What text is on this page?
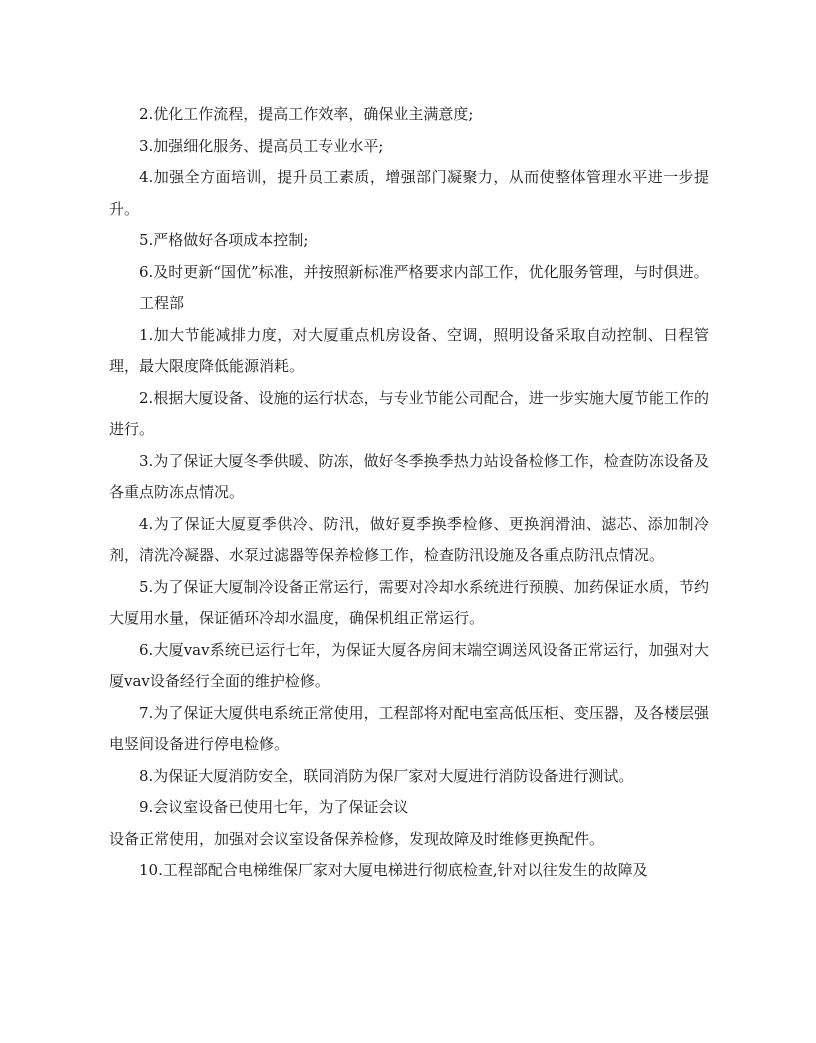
2.优化工作流程，提高工作效率，确保业主满意度;

3.加强细化服务、提高员工专业水平;

4.加强全方面培训，提升员工素质，增强部门凝聚力，从而使整体管理水平进一步提升。

5.严格做好各项成本控制;

6.及时更新“国优”标准，并按照新标准严格要求内部工作，优化服务管理，与时俱进。

工程部

1.加大节能减排力度，对大厦重点机房设备、空调，照明设备采取自动控制、日程管理，最大限度降低能源消耗。

2.根据大厦设备、设施的运行状态，与专业节能公司配合，进一步实施大厦节能工作的进行。

3.为了保证大厦冬季供暖、防冻，做好冬季换季热力站设备检修工作，检查防冻设备及各重点防冻点情况。

4.为了保证大厦夏季供冷、防汛，做好夏季换季检修、更换润滑油、滤芯、添加制冷剂，清洗冷凝器、水泵过滤器等保养检修工作，检查防汛设施及各重点防汛点情况。

5.为了保证大厦制冷设备正常运行，需要对冷却水系统进行预膜、加药保证水质，节约大厦用水量，保证循环冷却水温度，确保机组正常运行。

6.大厦vav系统已运行七年，为保证大厦各房间末端空调送风设备正常运行，加强对大厦vav设备经行全面的维护检修。

7.为了保证大厦供电系统正常使用，工程部将对配电室高低压柜、变压器，及各楼层强电竖间设备进行停电检修。

8.为保证大厦消防安全，联同消防为保厂家对大厦进行消防设备进行测试。

9.会议室设备已使用七年，为了保证会议

设备正常使用，加强对会议室设备保养检修，发现故障及时维修更换配件。

10.工程部配合电梯维保厂家对大厦电梯进行彻底检查,针对以往发生的故障及
